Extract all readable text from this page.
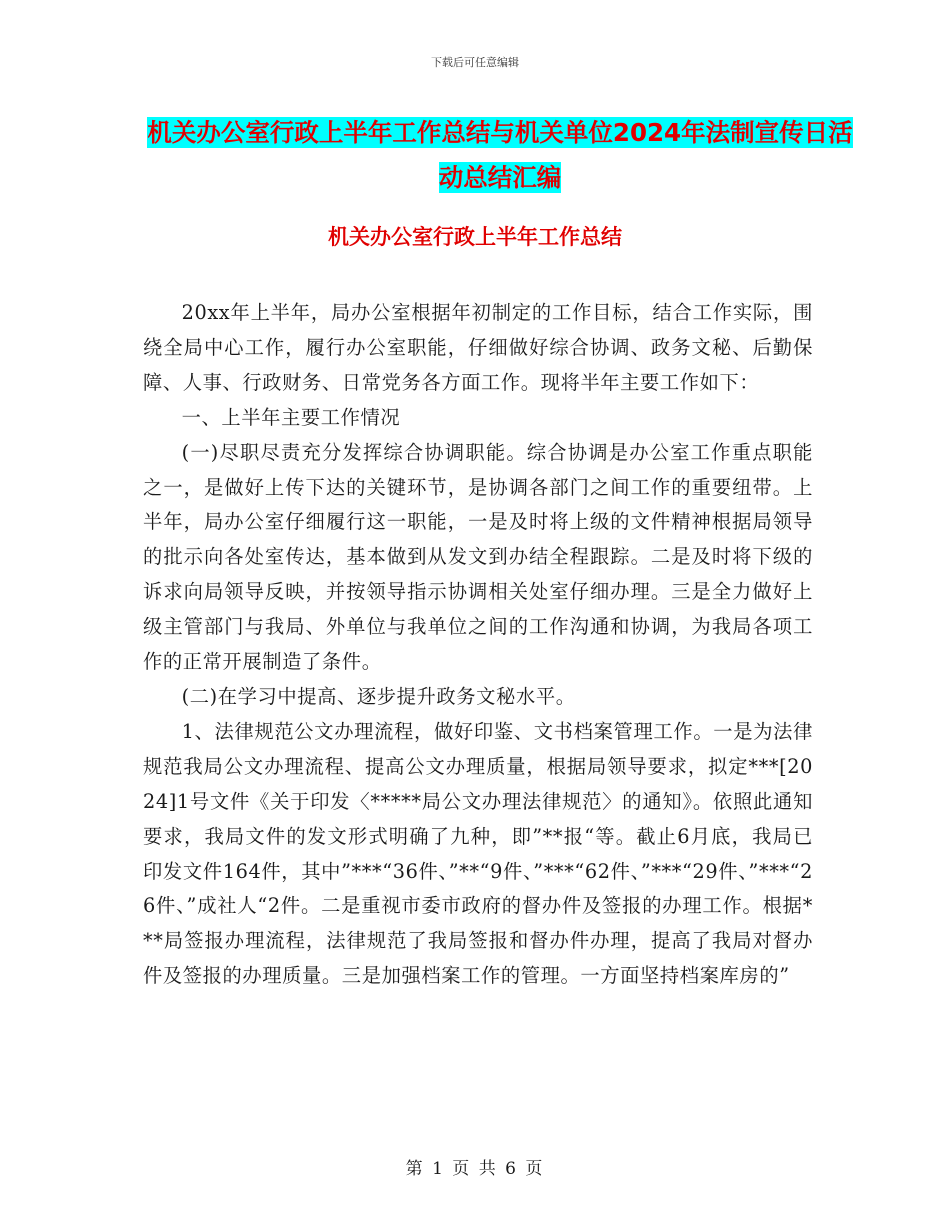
下载后可任意编辑
机关办公室行政上半年工作总结与机关单位2024年法制宣传日活动总结汇编
机关办公室行政上半年工作总结

20xx年上半年，局办公室根据年初制定的工作目标，结合工作实际，围绕全局中心工作，履行办公室职能，仔细做好综合协调、政务文秘、后勤保障、人事、行政财务、日常党务各方面工作。现将半年主要工作如下：

一、上半年主要工作情况

(一)尽职尽责充分发挥综合协调职能。综合协调是办公室工作重点职能之一，是做好上传下达的关键环节，是协调各部门之间工作的重要纽带。上半年，局办公室仔细履行这一职能，一是及时将上级的文件精神根据局领导的批示向各处室传达，基本做到从发文到办结全程跟踪。二是及时将下级的诉求向局领导反映，并按领导指示协调相关处室仔细办理。三是全力做好上级主管部门与我局、外单位与我单位之间的工作沟通和协调，为我局各项工作的正常开展制造了条件。

(二)在学习中提高、逐步提升政务文秘水平。

1、法律规范公文办理流程，做好印鉴、文书档案管理工作。一是为法律规范我局公文办理流程、提高公文办理质量，根据局领导要求，拟定***[2024]1号文件《关于印发〈*****局公文办理法律规范〉的通知》。依照此通知要求，我局文件的发文形式明确了九种，即”**报“等。截止6月底，我局已印发文件164件，其中”***“36件、”**“9件、”***“62件、”***“29件、”***“26件、”成社人“2件。二是重视市委市政府的督办件及签报的办理工作。根据***局签报办理流程，法律规范了我局签报和督办件办理，提高了我局对督办件及签报的办理质量。三是加强档案工作的管理。一方面坚持档案库房的”

第 1 页 共 6 页
